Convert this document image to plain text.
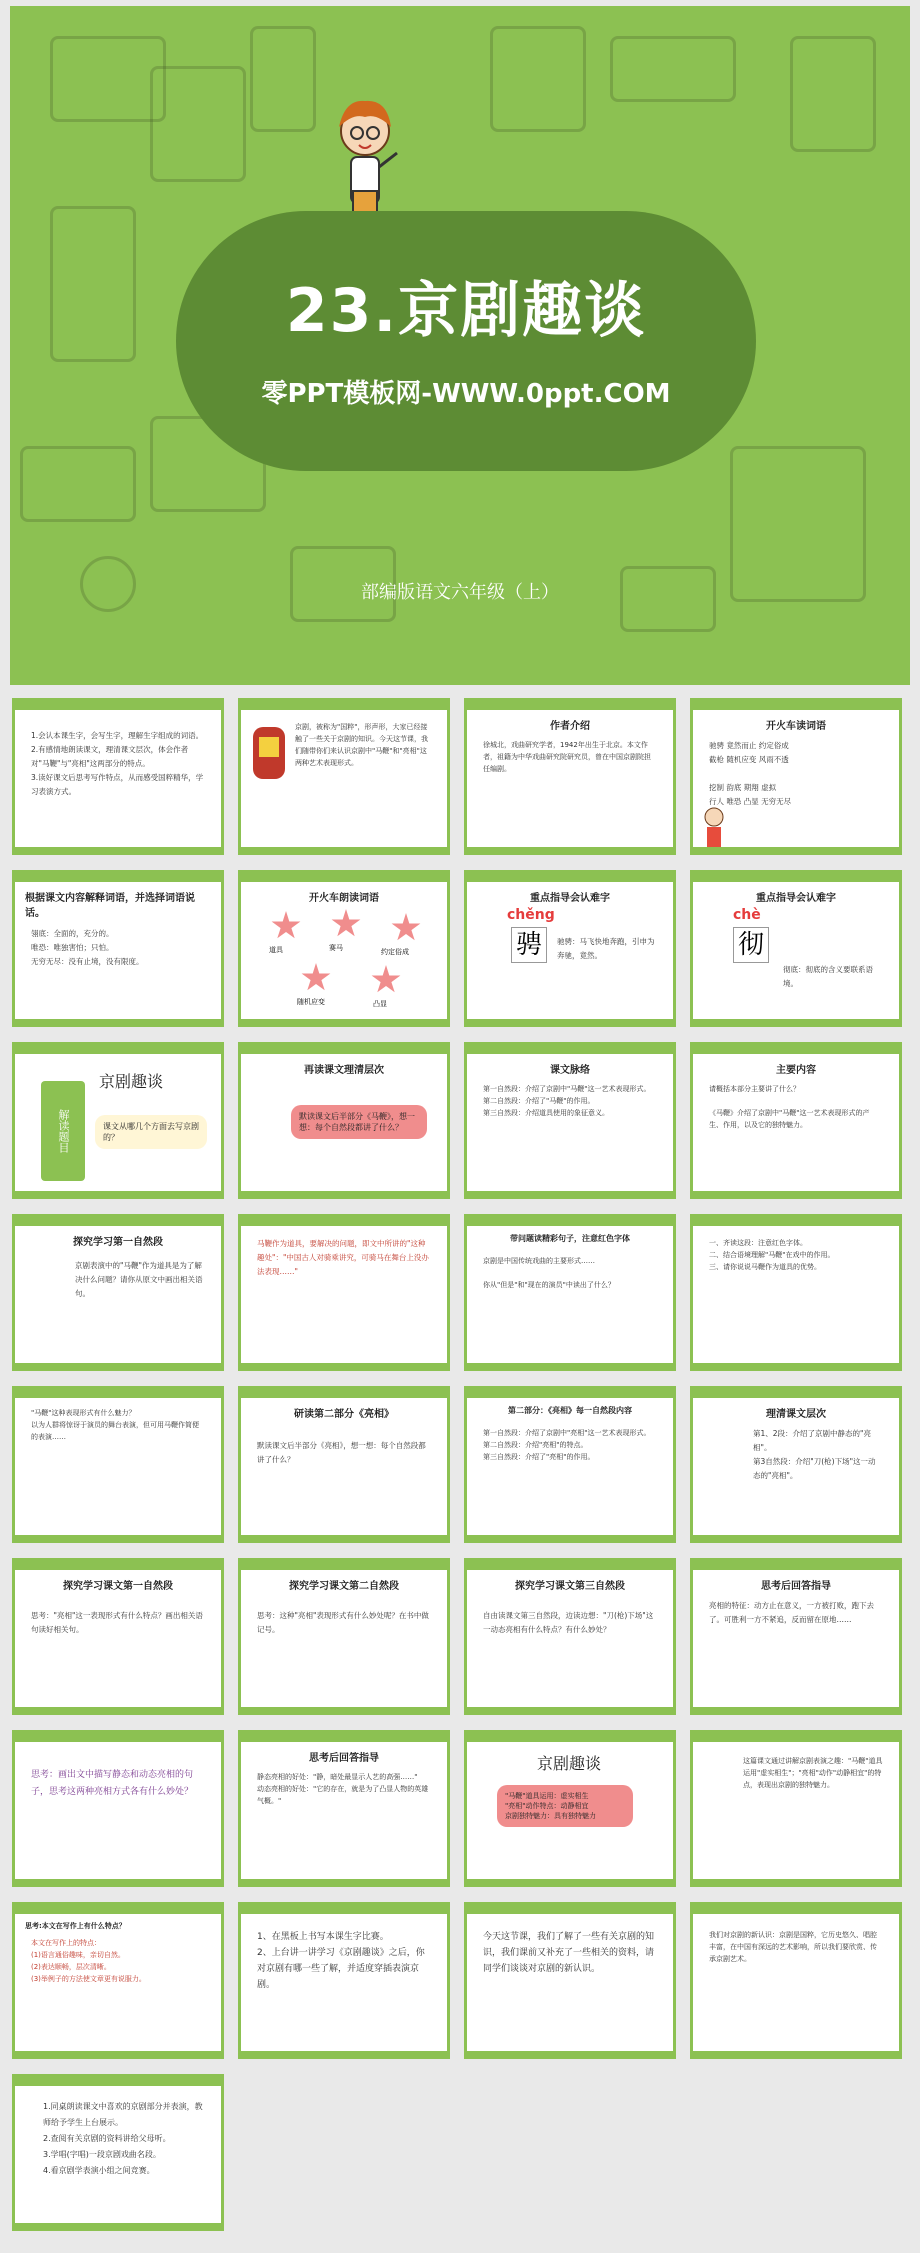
23.京剧趣谈
零PPT模板网-WWW.0ppt.COM
部编版语文六年级（上）
1.会认本课生字，会写生字，理解生字组成的词语。
2.有感情地朗读课文，理清课文层次，体会作者对"马鞭"与"亮相"这两部分的特点。
3.读好课文后思考写作特点，从而感受国粹精华，学习表演方式。
京剧，被称为"国粹"，形声形，大家已经接触了一些关于京剧的知识。今天这节课，我们随带你们来认识京剧中"马鞭"和"亮相"这两种艺术表现形式。
作者介绍
徐城北，戏曲研究学者，1942年出生于北京。本文作者，祖籍为中华戏曲研究院研究员，曾在中国京剧院担任编剧。
开火车读词语
驰骋 竟然而止 约定俗成
截枪 随机应变 风雨不透

挖制 韵底 期翔 虚拟
行人 唯恐 凸显 无穷无尽
根据课文内容解释词语，并选择词语说话。
翎底：全面的，充分的。
唯恐：唯独害怕；只怕。
无穷无尽：没有止境，没有限度。
开火车朗读词语
道具	赛马	约定俗成
随机应变	凸显
重点指导会认难字
chěng
骋	驰骋：马飞快地奔跑，引申为奔驰，竟然。
重点指导会认难字
chè
彻
彻底：彻底的含义要联系语境。
解读题目
京剧趣谈
课文从哪几个方面去写京剧的？
再读课文理清层次
默读课文后半部分《马鞭》，想一想：每个自然段都讲了什么？
课文脉络
第一自然段：介绍了京剧中"马鞭"这一艺术表现形式。
第二自然段：介绍了"马鞭"的作用。
第三自然段：介绍道具使用的象征意义。
主要内容
请概括本部分主要讲了什么？

《马鞭》介绍了京剧中"马鞭"这一艺术表现形式的产生、作用，以及它的独特魅力。
探究学习第一自然段
京剧表演中的"马鞭"作为道具是为了解决什么问题？请你从原文中画出相关语句。
马鞭作为道具，要解决的问题，即文中所讲的"这种趣处"："中国古人对骑乘讲究，可骑马在舞台上没办法表现……"
带问题读精彩句子，注意红色字体
京剧是中国传统戏曲的主要形式……

你从"但是"和"现在的演员"中读出了什么？
一、齐读这段：注意红色字体。
二、结合语境理解"马鞭"在戏中的作用。
三、请你说说马鞭作为道具的优势。
"马鞭"这种表现形式有什么魅力？
以为人群将惊讶于演员的舞台表演，但可用马鞭作简便的表演……
研读第二部分《亮相》
默读课文后半部分《亮相》，想一想：每个自然段都讲了什么？
第二部分：《亮相》每一自然段内容
第一自然段：介绍了京剧中"亮相"这一艺术表现形式。
第二自然段：介绍"亮相"的特点。
第三自然段：介绍了"亮相"的作用。
理清课文层次
第1、2段：介绍了京剧中静态的"亮相"。
第3自然段：介绍"刀(枪)下场"这一动态的"亮相"。
探究学习课文第一自然段
思考："亮相"这一表现形式有什么特点？画出相关语句读好相关句。
探究学习课文第二自然段
思考：这种"亮相"表现形式有什么妙处呢？在书中做记号。
探究学习课文第三自然段
自由读课文第三自然段，边读边想："刀(枪)下场"这一动态亮相有什么特点？有什么妙处？
思考后回答指导
亮相的特征：动方止在意义，一方被打败，跑下去了。可胜利一方不紧追，反而留在原地……
思考：画出文中描写静态和动态亮相的句子，思考这两种亮相方式各有什么妙处？
思考后回答指导
静态亮相的好处："静，暗处最显示人艺的高强……"
动态亮相的好处："它的存在，就是为了凸显人物的英雄气概。"
京剧趣谈
"马鞭"道具运用：虚实相生
"亮相"动作特点：动静相宜
京剧独特魅力：具有独特魅力
这篇课文通过讲解京剧表演之趣："马鞭"道具运用"虚实相生"；"亮相"动作"动静相宜"的特点，表现出京剧的独特魅力。
思考:本文在写作上有什么特点？
本文在写作上的特点：
(1)语言通俗趣味，亲切自然。
(2)表达顺畅，层次清晰。
(3)举例子的方法使文章更有说服力。
1、在黑板上书写本课生字比赛。
2、上台讲一讲学习《京剧趣谈》之后，你对京剧有哪一些了解，并适度穿插表演京剧。
今天这节课，我们了解了一些有关京剧的知识，我们课前又补充了一些相关的资料，请同学们谈谈对京剧的新认识。
我们对京剧的新认识：京剧是国粹，它历史悠久、唱腔丰富，在中国有深远的艺术影响，所以我们要欣赏、传承京剧艺术。
1.同桌朗读课文中喜欢的京剧部分并表演，教师给予学生上台展示。
2.查阅有关京剧的资料讲给父母听。
3.学唱(字唱)一段京剧戏曲名段。
4.看京剧学表演小组之间竞赛。
